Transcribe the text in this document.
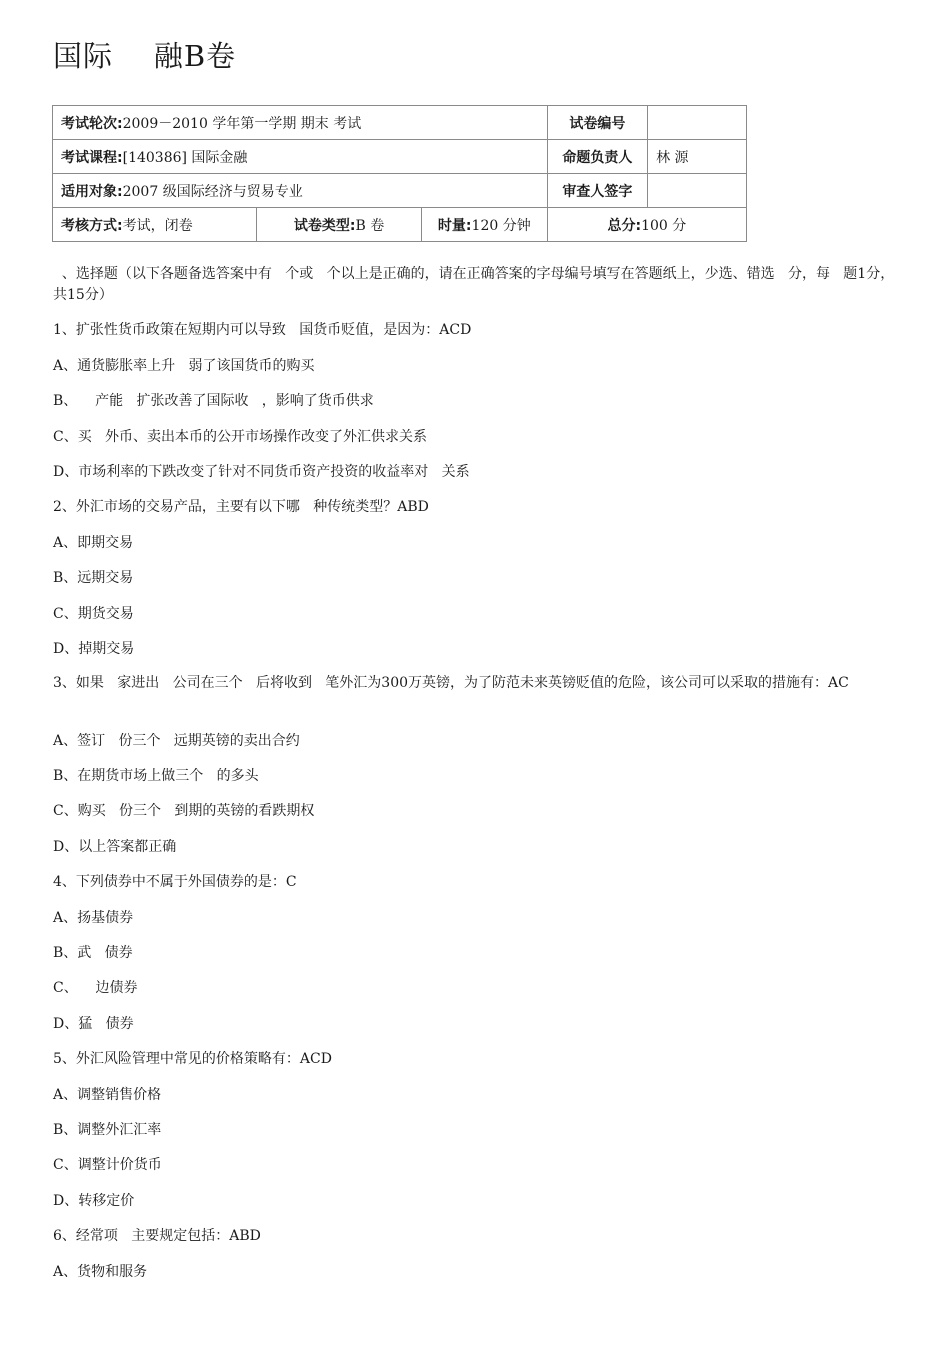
国际    融B卷
考试轮次:2009－2010 学年第一学期 期末 考试			试卷编号	
考试课程:[140386] 国际金融			命题负责人	林 源
适用对象:2007 级国际经济与贸易专业			审查人签字	
考核方式:考试，闭卷	试卷类型:B 卷	时量:120 分钟	总分:100 分	
、选择题（以下各题备选答案中有   个或   个以上是正确的，请在正确答案的字母编号填写在答题纸上，少选、错选   分，每   题1分，共15分）
1、扩张性货币政策在短期内可以导致   国货币贬值，是因为：ACD
A、通货膨胀率上升   弱了该国货币的购买
B、    产能   扩张改善了国际收   ，影响了货币供求
C、买   外币、卖出本币的公开市场操作改变了外汇供求关系
D、市场利率的下跌改变了针对不同货币资产投资的收益率对   关系
2、外汇市场的交易产品，主要有以下哪   种传统类型？ABD
A、即期交易
B、远期交易
C、期货交易
D、掉期交易
3、如果   家进出   公司在三个   后将收到   笔外汇为300万英镑，为了防范未来英镑贬值的危险，该公司可以采取的措施有：AC
A、签订   份三个   远期英镑的卖出合约
B、在期货市场上做三个   的多头
C、购买   份三个   到期的英镑的看跌期权
D、以上答案都正确
4、下列债券中不属于外国债券的是：C
A、扬基债券
B、武   债券
C、    边债券
D、猛   债券
5、外汇风险管理中常见的价格策略有：ACD
A、调整销售价格
B、调整外汇汇率
C、调整计价货币
D、转移定价
6、经常项   主要规定包括：ABD
A、货物和服务
